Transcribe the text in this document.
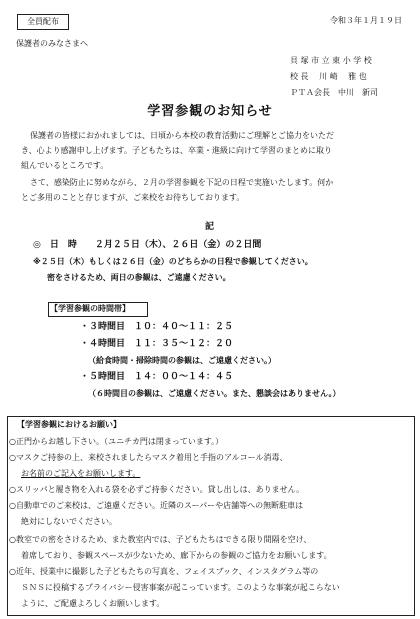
全員配布
保護者のみなさまへ
令和３年１月１９日
貝 塚 市 立 東 小 学 校
校 長 　川 崎 　雅 也
ＰＴＡ会長　中川　新司
学習参観のお知らせ
保護者の皆様におかれましては、日頃から本校の教育活動にご理解とご協力をいただ
き、心より感謝申し上げます。子どもたちは、卒業・進級に向けて学習のまとめに取り
組んでいるところです。
さて、感染防止に努めながら、２月の学習参観を下記の日程で実施いたします。何か
とご多用のことと存じますが、ご来校をお待ちしております。
記
◎　日　時　　２月２５日（木）、２６日（金）の２日間
※２５日（木）もしくは２６日（金）のどちらかの日程で参観してください。
密をさけるため、両日の参観は、ご遠慮ください。
【学習参観の時間帯】
・３時間目　１０：４０～１１：２５
・４時間目　１１：３５～１２：２０
（給食時間・掃除時間の参観は、ご遠慮ください。）
・５時間目　１４：００～１４：４５
（６時間目の参観は、ご遠慮ください。また、懇談会はありません。）
【学習参観におけるお願い】
○正門からお越し下さい。（ユニチカ門は閉まっています。）
○マスクご持参の上、来校されましたらマスク着用と手指のアルコール消毒、
お名前のご記入をお願いします。
○スリッパと履き物を入れる袋を必ずご持参ください。貸し出しは、ありません。
○自動車でのご来校は、ご遠慮ください。近隣のスーパーや店舗等への無断駐車は
絶対にしないでください。
○教室での密をさけるため、また教室内では、子どもたちはできる限り間隔を空け、
着席しており、参観スペースが少ないため、廊下からの参観のご協力をお願いします。
○近年、授業中に撮影した子どもたちの写真を、フェイスブック、インスタグラム等の
ＳＮＳに投稿するプライバシー侵害事案が起こっています。このような事案が起こらない
ように、ご配慮よろしくお願いします。
